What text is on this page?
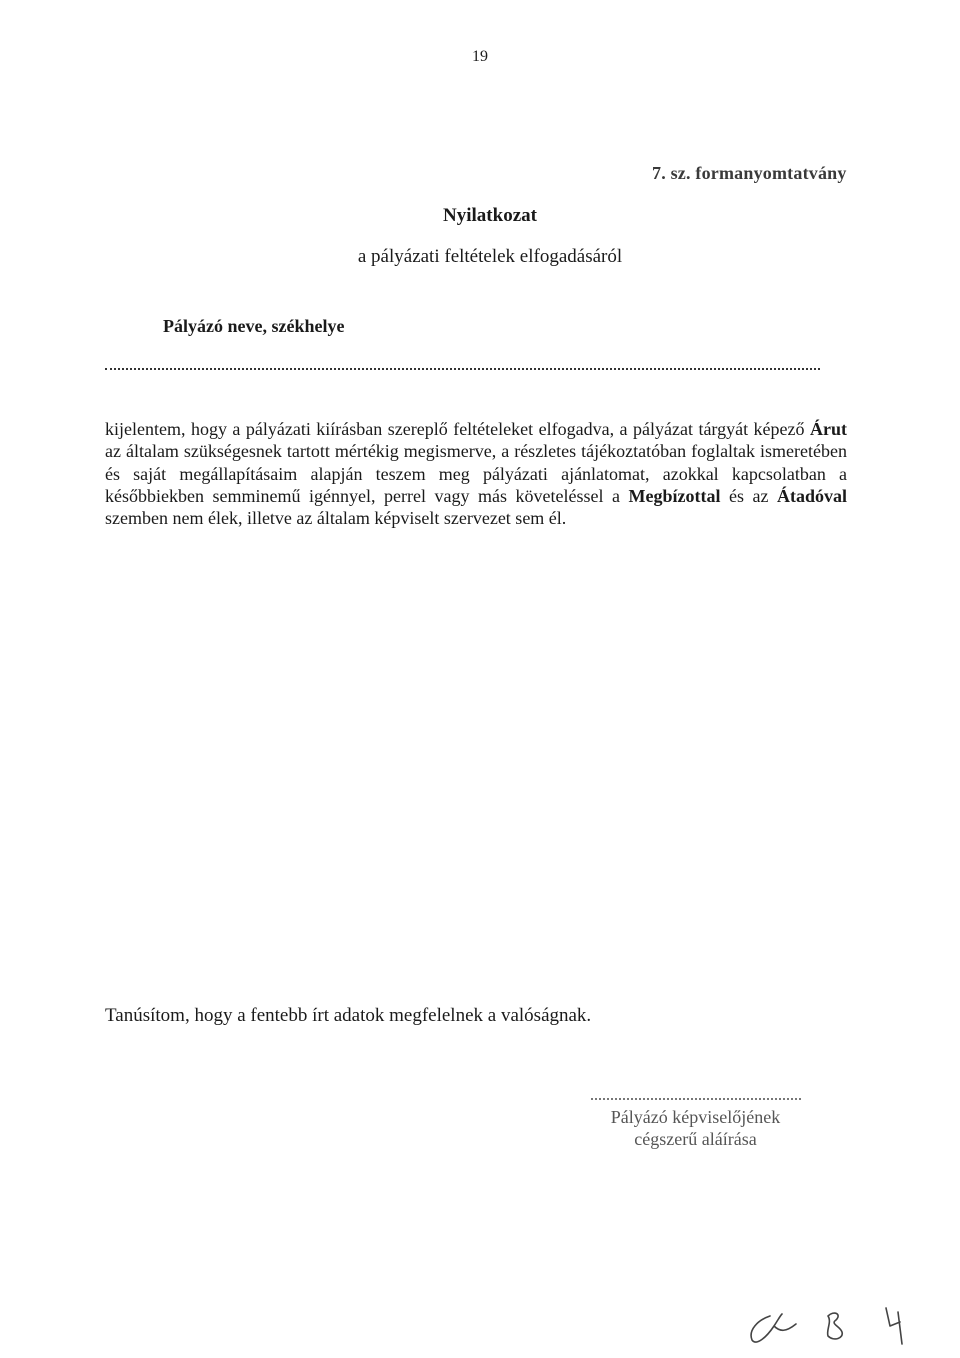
19
7. sz. formanyomtatvány
Nyilatkozat
a pályázati feltételek elfogadásáról
Pályázó neve, székhelye
kijelentem, hogy a pályázati kiírásban szereplő feltételeket elfogadva, a pályázat tárgyát képező Árut az általam szükségesnek tartott mértékig megismerve, a részletes tájékoztatóban foglaltak ismeretében és saját megállapításaim alapján teszem meg pályázati ajánlatomat, azokkal kapcsolatban a későbbiekben semminemű igénnyel, perrel vagy más követeléssel a Megbízottal és az Átadóval szemben nem élek, illetve az általam képviselt szervezet sem él.
Tanúsítom, hogy a fentebb írt adatok megfelelnek a valóságnak.
Pályázó képviselőjének
cégszerű aláírása
